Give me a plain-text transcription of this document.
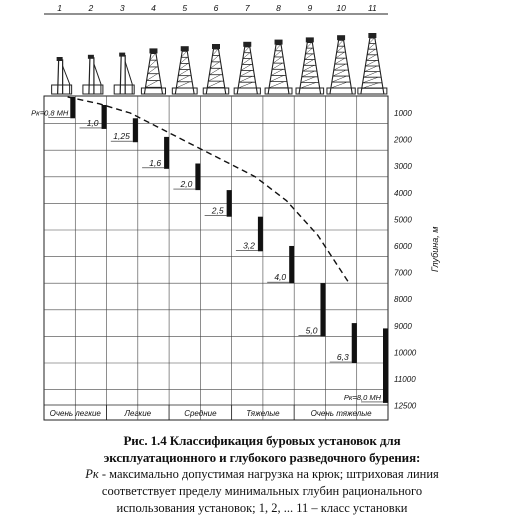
1	2	3	4	5	6	7	8	9	10	11
1000
2000
3000
4000
5000
6000
7000
8000
9000
10000
11000
12500
Глубина, м
Pк=0,8 МН
1,0
1,25
1,6
2,0
2,5
3,2
4,0
5,0
6,3
Pк=8,0 МН
Очень легкие	Легкие	Средние	Тяжелые	Очень тяжелые
Рис. 1.4 Классификация буровых установок для
эксплуатационного и глубокого разведочного бурения:
Pк - максимально допустимая нагрузка на крюк; штриховая линия
соответствует пределу минимальных глубин рационального
использования установок; 1, 2, ... 11 – класс установки
